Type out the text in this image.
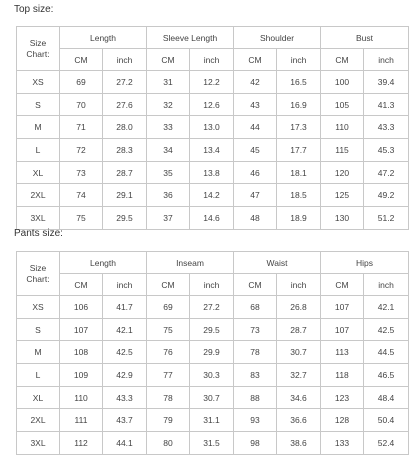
Top size:
Size
Chart:	Length		Sleeve Length		Shoulder		Bust	
	CM	inch	CM	inch	CM	inch	CM	inch
XS	69	27.2	31	12.2	42	16.5	100	39.4
S	70	27.6	32	12.6	43	16.9	105	41.3
M	71	28.0	33	13.0	44	17.3	110	43.3
L	72	28.3	34	13.4	45	17.7	115	45.3
XL	73	28.7	35	13.8	46	18.1	120	47.2
2XL	74	29.1	36	14.2	47	18.5	125	49.2
3XL	75	29.5	37	14.6	48	18.9	130	51.2
Pants size:
Size
Chart:	Length		Inseam		Waist		Hips	
	CM	inch	CM	inch	CM	inch	CM	inch
XS	106	41.7	69	27.2	68	26.8	107	42.1
S	107	42.1	75	29.5	73	28.7	107	42.5
M	108	42.5	76	29.9	78	30.7	113	44.5
L	109	42.9	77	30.3	83	32.7	118	46.5
XL	110	43.3	78	30.7	88	34.6	123	48.4
2XL	111	43.7	79	31.1	93	36.6	128	50.4
3XL	112	44.1	80	31.5	98	38.6	133	52.4
